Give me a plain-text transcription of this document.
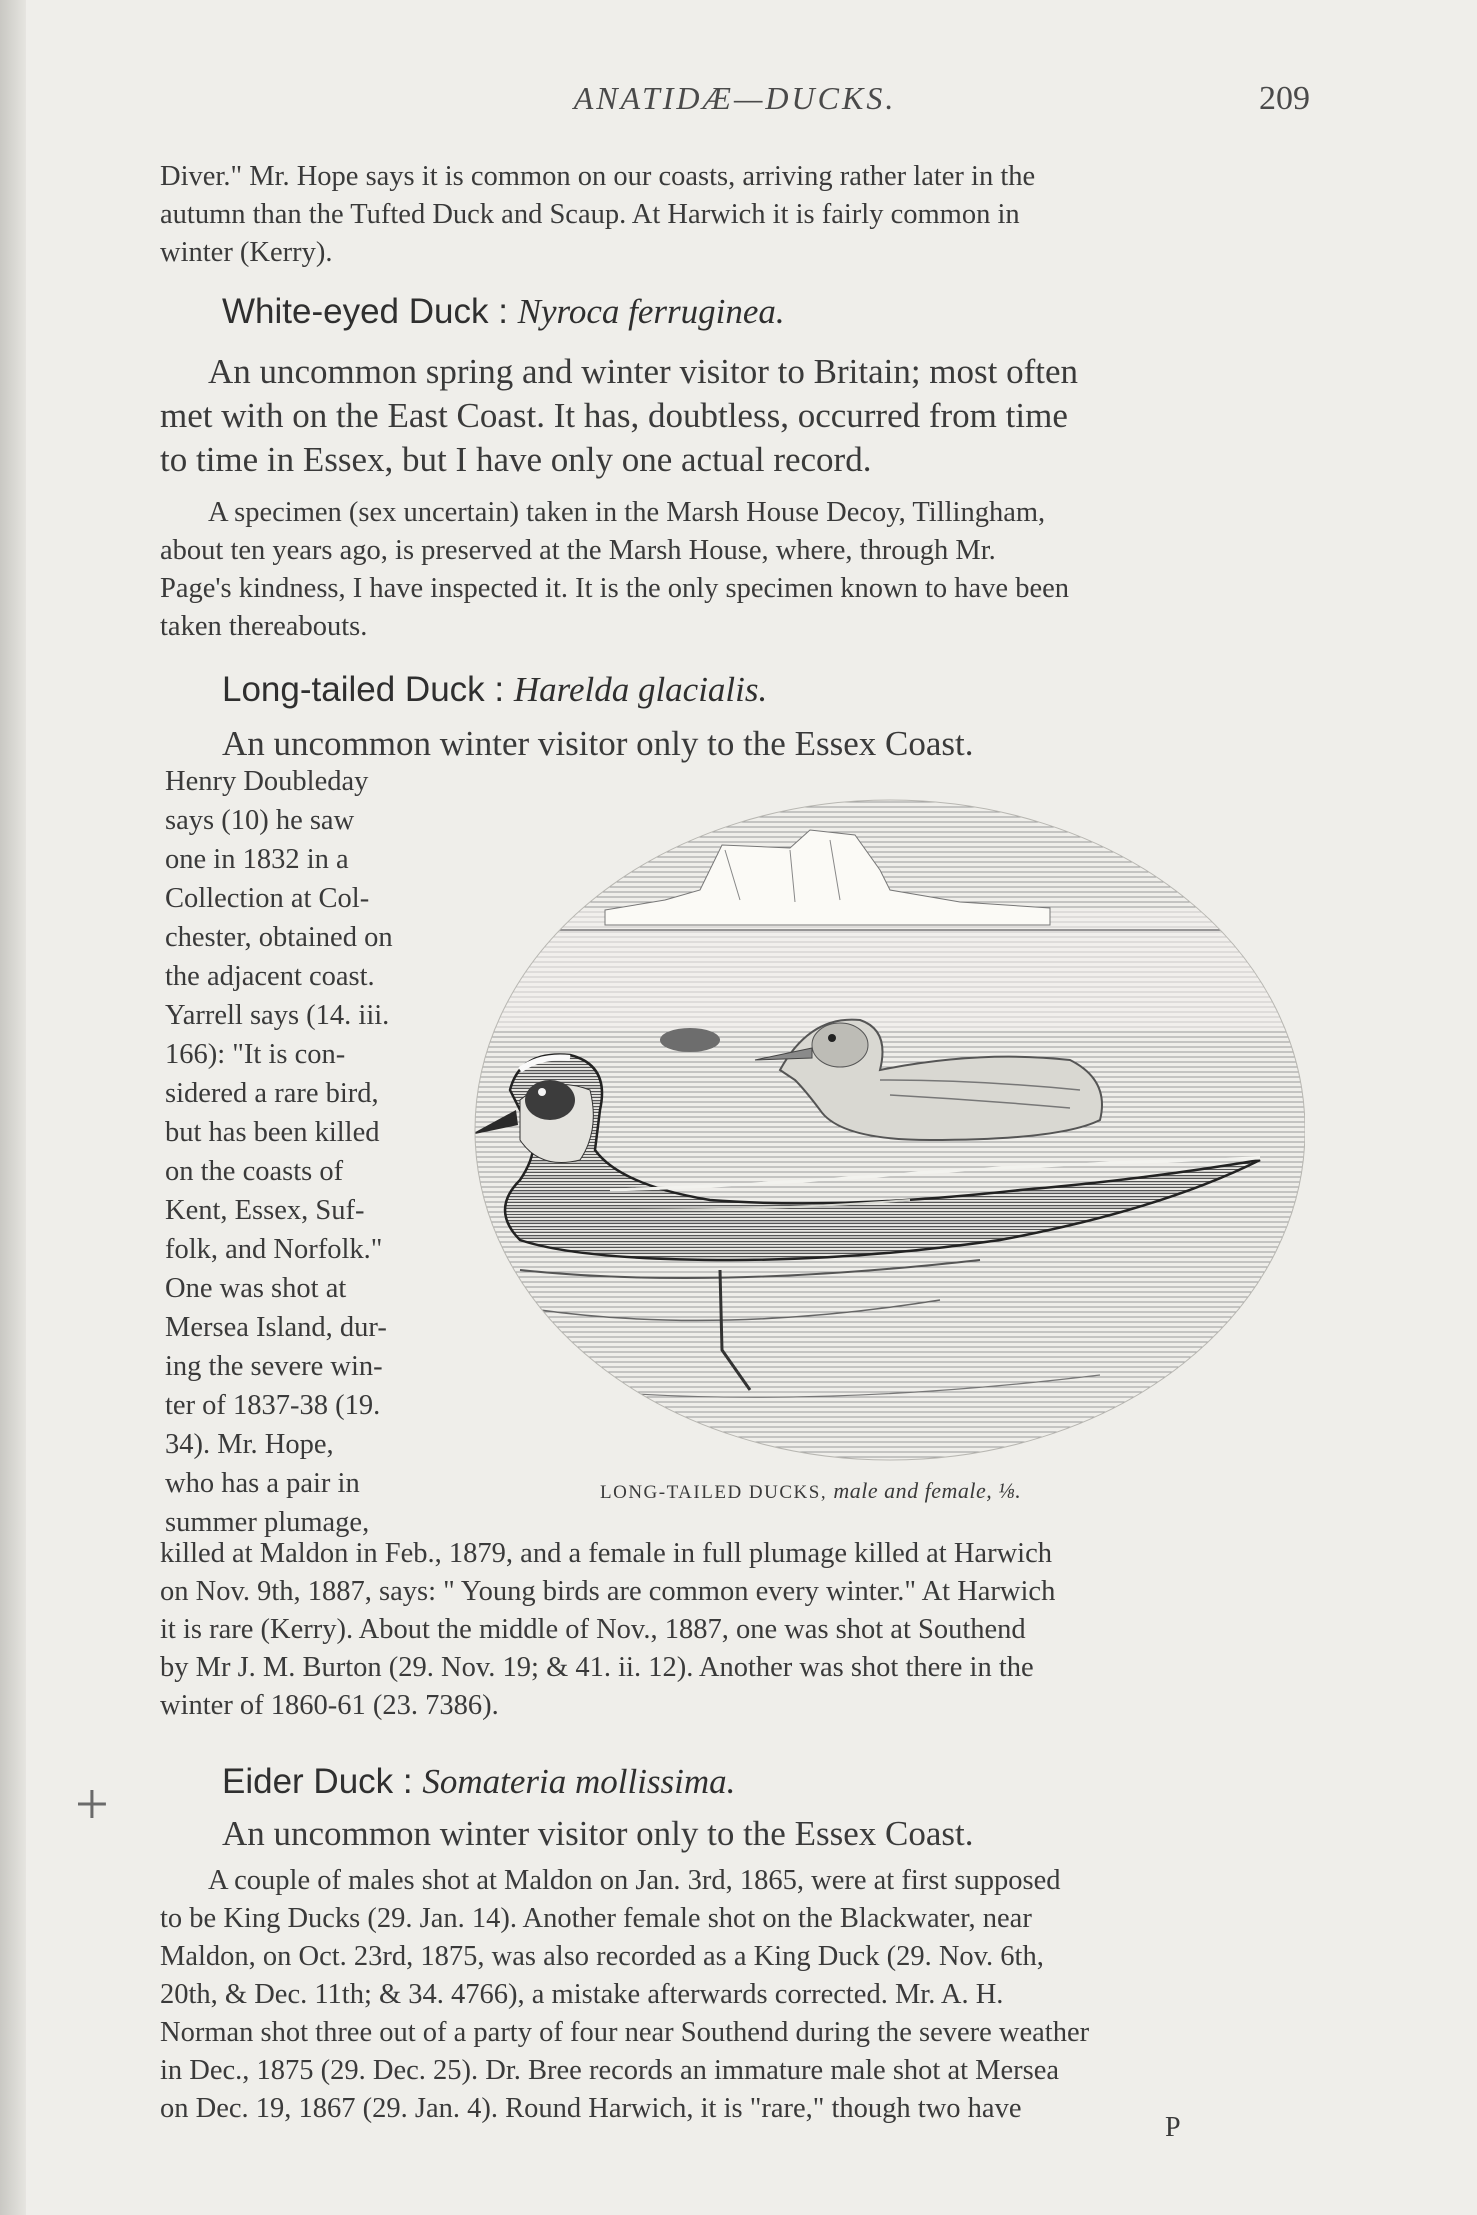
ANATIDÆ—DUCKS.	209
Diver." Mr. Hope says it is common on our coasts, arriving rather later in the
autumn than the Tufted Duck and Scaup. At Harwich it is fairly common in
winter (Kerry).
White-eyed Duck : Nyroca ferruginea.
An uncommon spring and winter visitor to Britain; most often
met with on the East Coast. It has, doubtless, occurred from time
to time in Essex, but I have only one actual record.
A specimen (sex uncertain) taken in the Marsh House Decoy, Tillingham,
about ten years ago, is preserved at the Marsh House, where, through Mr.
Page's kindness, I have inspected it. It is the only specimen known to have been
taken thereabouts.
Long-tailed Duck : Harelda glacialis.
An uncommon winter visitor only to the Essex Coast.
Henry Doubleday
says (10) he saw
one in 1832 in a
Collection at Col-
chester, obtained on
the adjacent coast.
Yarrell says (14. iii.
166): "It is con-
sidered a rare bird,
but has been killed
on the coasts of
Kent, Essex, Suf-
folk, and Norfolk."
One was shot at
Mersea Island, dur-
ing the severe win-
ter of 1837-38 (19.
34). Mr. Hope,
who has a pair in
summer plumage,
LONG-TAILED DUCKS, male and female, ⅛.
killed at Maldon in Feb., 1879, and a female in full plumage killed at Harwich
on Nov. 9th, 1887, says: " Young birds are common every winter." At Harwich
it is rare (Kerry). About the middle of Nov., 1887, one was shot at Southend
by Mr J. M. Burton (29. Nov. 19; & 41. ii. 12). Another was shot there in the
winter of 1860-61 (23. 7386).
+	Eider Duck : Somateria mollissima.
An uncommon winter visitor only to the Essex Coast.
A couple of males shot at Maldon on Jan. 3rd, 1865, were at first supposed
to be King Ducks (29. Jan. 14). Another female shot on the Blackwater, near
Maldon, on Oct. 23rd, 1875, was also recorded as a King Duck (29. Nov. 6th,
20th, & Dec. 11th; & 34. 4766), a mistake afterwards corrected. Mr. A. H.
Norman shot three out of a party of four near Southend during the severe weather
in Dec., 1875 (29. Dec. 25). Dr. Bree records an immature male shot at Mersea
on Dec. 19, 1867 (29. Jan. 4). Round Harwich, it is "rare," though two have
P
